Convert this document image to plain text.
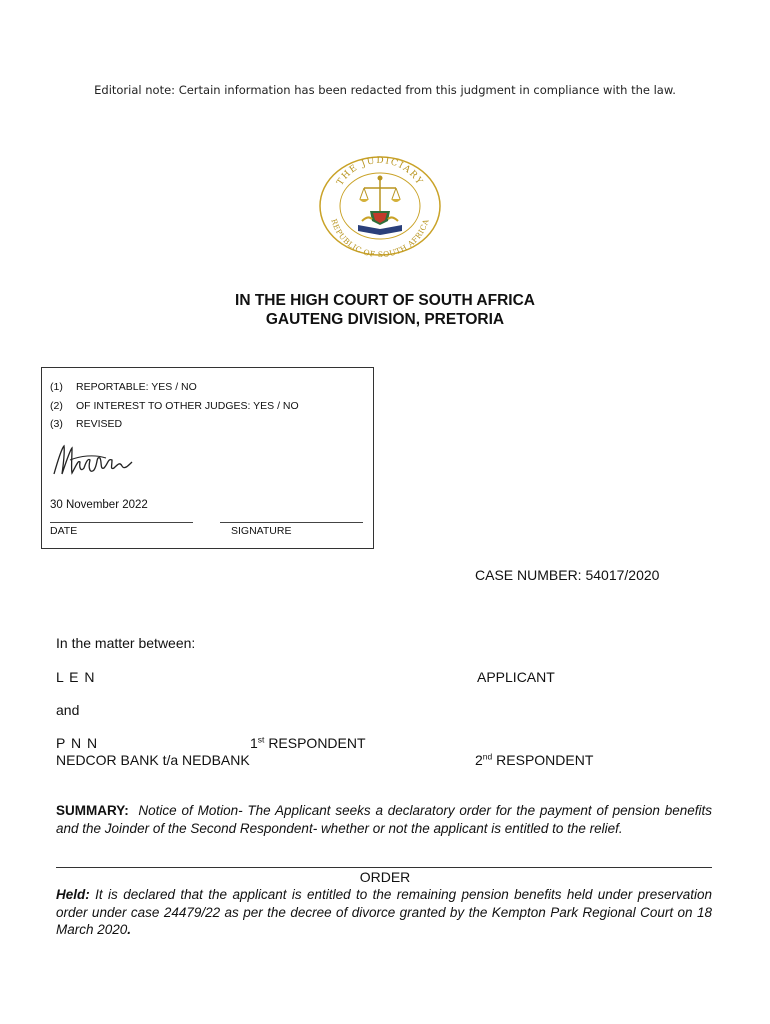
Editorial note: Certain information has been redacted from this judgment in compliance with the law.
THE JUDICIARY
REPUBLIC OF SOUTH AFRICA
IN THE HIGH COURT OF SOUTH AFRICA
GAUTENG DIVISION, PRETORIA
(1) REPORTABLE: YES / NO
(2) OF INTEREST TO OTHER JUDGES: YES / NO
(3) REVISED
30 November 2022
DATE	SIGNATURE
CASE NUMBER: 54017/2020
In the matter between:
L E N	APPLICANT
and
P N N	1st RESPONDENT
NEDCOR BANK t/a NEDBANK	2nd RESPONDENT
SUMMARY: Notice of Motion- The Applicant seeks a declaratory order for the payment of pension benefits and the Joinder of the Second Respondent- whether or not the applicant is entitled to the relief.
ORDER
Held: It is declared that the applicant is entitled to the remaining pension benefits held under preservation order under case 24479/22 as per the decree of divorce granted by the Kempton Park Regional Court on 18 March 2020.
